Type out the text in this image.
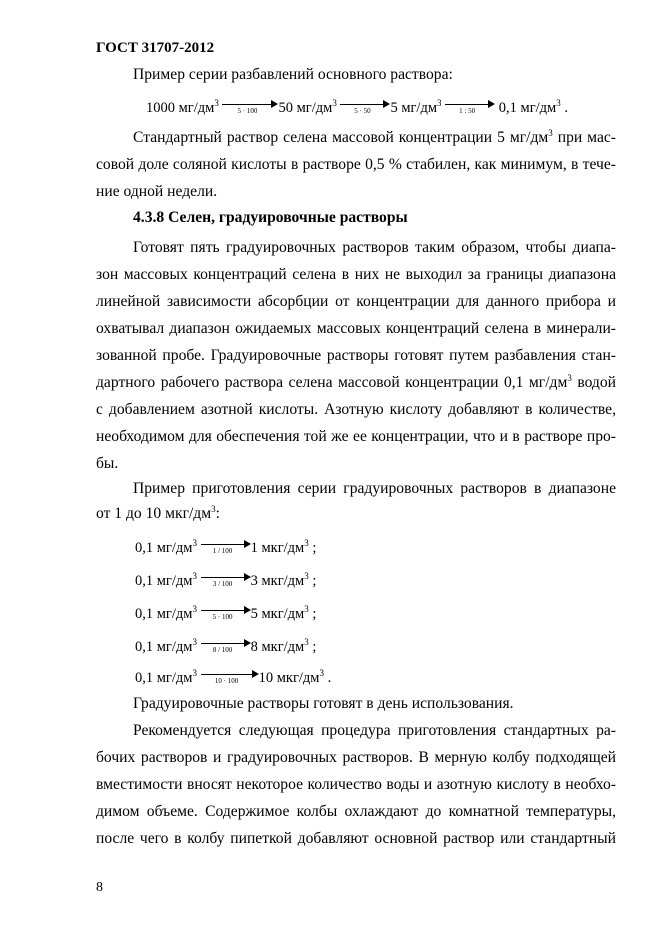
ГОСТ 31707-2012
Пример серии разбавлений основного раствора:
1000 $мг/дм^3$
5 · 100	50 $мг/дм^3$
5 · 50	5 $мг/дм^3$
1 : 50	0,1 $мг/дм^3$ .
Стандартный раствор селена массовой концентрации 5 $мг/дм^3$ при мас-
совой доле соляной кислоты в растворе 0,5 % стабилен, как минимум, в тече-
ние одной недели.
4.3.8 Селен, градуировочные растворы
Готовят пять градуировочных растворов таким образом, чтобы диапа-
зон массовых концентраций селена в них не выходил за границы диапазона
линейной зависимости абсорбции от концентрации для данного прибора и
охватывал диапазон ожидаемых массовых концентраций селена в минерали-
зованной пробе. Градуировочные растворы готовят путем разбавления стан-
дартного рабочего раствора селена массовой концентрации 0,1 $мг/дм^3$ водой
с добавлением азотной кислоты. Азотную кислоту добавляют в количестве,
необходимом для обеспечения той же ее концентрации, что и в растворе про-
бы.
Пример приготовления серии градуировочных растворов в диапазоне
от 1 до 10 мкг/$дм^3$:
0,1 $мг/дм^3$
1 / 100	1 мкг/$дм^3$ ;
0,1 $мг/дм^3$
3 / 100	3 мкг/$дм^3$ ;
0,1 $мг/дм^3$
5 · 100	5 мкг/$дм^3$ ;
0,1 $мг/дм^3$
8 / 100	8 мкг/$дм^3$ ;
0,1 $мг/дм^3$
10 · 100	10 мкг/$дм^3$ .
Градуировочные растворы готовят в день использования.
Рекомендуется следующая процедура приготовления стандартных ра-
бочих растворов и градуировочных растворов. В мерную колбу подходящей
вместимости вносят некоторое количество воды и азотную кислоту в необхо-
димом объеме. Содержимое колбы охлаждают до комнатной температуры,
после чего в колбу пипеткой добавляют основной раствор или стандартный
8
